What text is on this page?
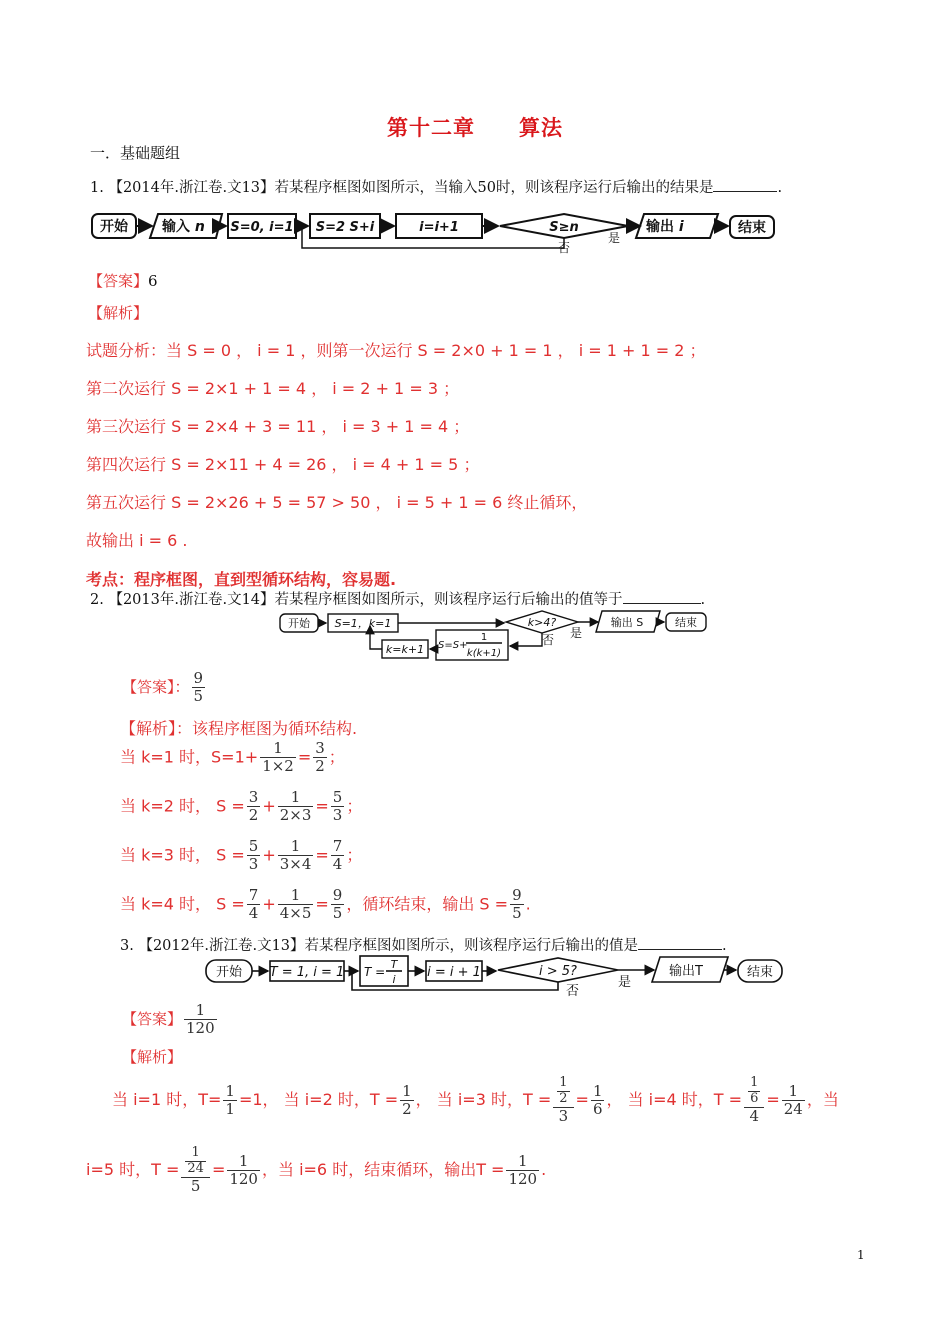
第十二章 算法
一．基础题组
1. 【2014年.浙江卷.文13】若某程序框图如图所示，当输入50时，则该程序运行后输出的结果是	.
开始 输入 n S=0, i=1 S=2 S+i	i=i+1	S≥n	输出 i	结束
是
否
【答案】6
【解析】
试题分析：当 S = 0 ， i = 1 ，则第一次运行 S = 2×0 + 1 = 1 ， i = 1 + 1 = 2 ；
第二次运行 S = 2×1 + 1 = 4 ， i = 2 + 1 = 3 ；
第三次运行 S = 2×4 + 3 = 11 ， i = 3 + 1 = 4 ；
第四次运行 S = 2×11 + 4 = 26 ， i = 4 + 1 = 5 ；
第五次运行 S = 2×26 + 5 = 57 > 50 ， i = 5 + 1 = 6 终止循环，
故输出 i = 6 .
考点：程序框图，直到型循环结构，容易题.
2. 【2013年.浙江卷.文14】若某程序框图如图所示，则该程序运行后输出的值等于	.
开始 S=1，k=1	k>4?	输出 S	结束
k=k+1 S=S+
1
k(k+1)
是
否
【答案】： $\frac{9}{5}$
【解析】：该程序框图为循环结构.
当 k=1 时，$S=1+ \frac{1}{1\times 2} = \frac{3}{2}$ ；
当 k=2 时， $S = \frac{3}{2} + \frac{1}{2\times 3} = \frac{5}{3}$ ；
当 k=3 时， $S = \frac{5}{3} + \frac{1}{3\times 4} = \frac{7}{4}$ ；
当 k=4 时， $S = \frac{7}{4} + \frac{1}{4\times 5} = \frac{9}{5}$ ，循环结束，输出 $S = \frac{9}{5}$ .
3. 【2012年.浙江卷.文13】若某程序框图如图所示，则该程序运行后输出的值是	.
开始 T = 1, i = 1 T =
T
i i = i + 1	i > 5?	输出T	结束
是
否
【答案】 $\frac{1}{120}$
【解析】
当 i=1 时，$T= \frac{1}{1} =1$， 当 i=2 时，$T = \frac{1}{2}$ ， 当 i=3 时，$T = \frac{\frac{1}{2}}{3} = \frac{1}{6}$ ， 当 i=4 时，$T = \frac{\frac{1}{6}}{4} = \frac{1}{24}$ ，当
i=5 时，$T = \frac{\frac{1}{24}}{5} = \frac{1}{120}$ ，当 i=6 时，结束循环，输出$T = \frac{1}{120}$ .
1
